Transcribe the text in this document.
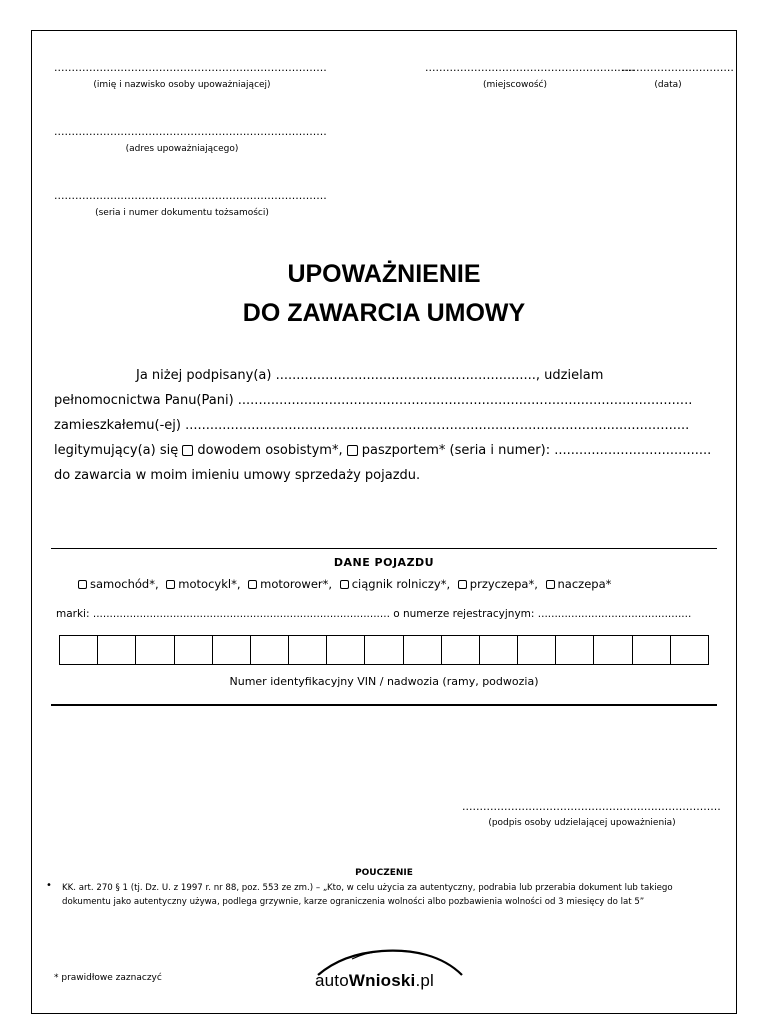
..............................................................................
(imię i nazwisko osoby upoważniającej)
............................................................
(miejscowość)
................................
(data)
..............................................................................
(adres upoważniającego)
..............................................................................
(seria i numer dokumentu tożsamości)
UPOWAŻNIENIE
DO ZAWARCIA UMOWY
Ja niżej podpisany(a) ..............................................................., udzielam
pełnomocnictwa Panu(Pani) ..............................................................................................................
zamieszkałemu(-ej) ..........................................................................................................................
legitymujący(a) się dowodem osobistym*, paszportem* (seria i numer): ......................................
do zawarcia w moim imieniu umowy sprzedaży pojazdu.
DANE POJAZDU
samochód*, motocykl*, motorower*, ciągnik rolniczy*, przyczepa*, naczepa*
marki: ......................................................................................... o numerze rejestracyjnym: ..............................................
Numer identyfikacyjny VIN / nadwozia (ramy, podwozia)
..........................................................................
(podpis osoby udzielającej upoważnienia)
POUCZENIE
• KK. art. 270 § 1 (tj. Dz. U. z 1997 r. nr 88, poz. 553 ze zm.) – „Kto, w celu użycia za autentyczny, podrabia lub przerabia dokument lub takiego dokumentu jako autentyczny używa, podlega grzywnie, karze ograniczenia wolności albo pozbawienia wolności od 3 miesięcy do lat 5”
* prawidłowe zaznaczyć	autoWnioski.pl
